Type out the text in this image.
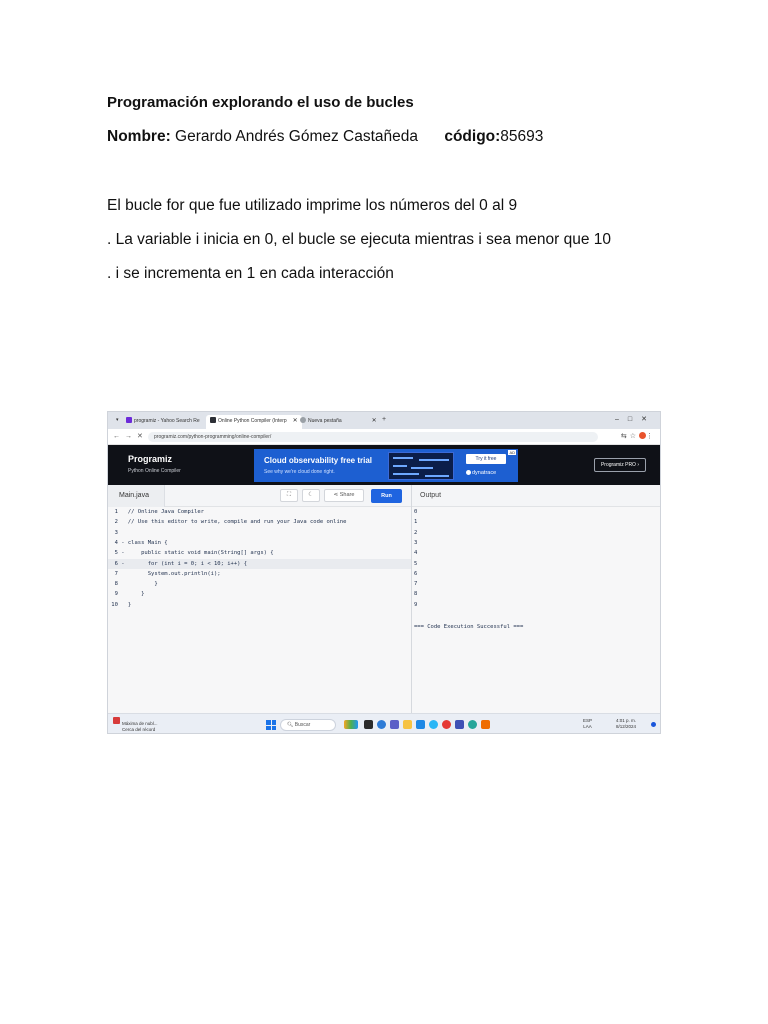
Programación explorando el uso de bucles
Nombre: Gerardo Andrés Gómez Castañeda código:85693
El bucle for que fue utilizado imprime los números del 0 al 9
. La variable i inicia en 0, el bucle se ejecuta mientras i sea menor que 10
. i se incrementa en 1 en cada interacción
▾	programiz - Yahoo Search Re	Online Python Compiler (Interp ✕	Nueva pestaña	✕ +	–□✕
←→✕	programiz.com/python-programming/online-compiler/	⇆☆ ⋮
Programiz
Python Online Compiler
Cloud observability free trial
See why we're cloud done right.
Try it free
dynatrace
AD
Programiz PRO ›
Main.java	⛶	☾	⋖ Share	Run	Output
1   // Online Java Compiler
2   // Use this editor to write, compile and run your Java code online
3
4 - class Main {
5 -     public static void main(String[] args) {
6 -       for (int i = 0; i < 10; i++) {
7         System.out.println(i);
8           }
9       }
10   }
0
1
2
3
4
5
6
7
8
9
=== Code Execution Successful ===
Máxima de nubl...
Cerca del récord
🔍︎ Buscar
ESP
LAA
4:01 p. m.
8/12/2024
